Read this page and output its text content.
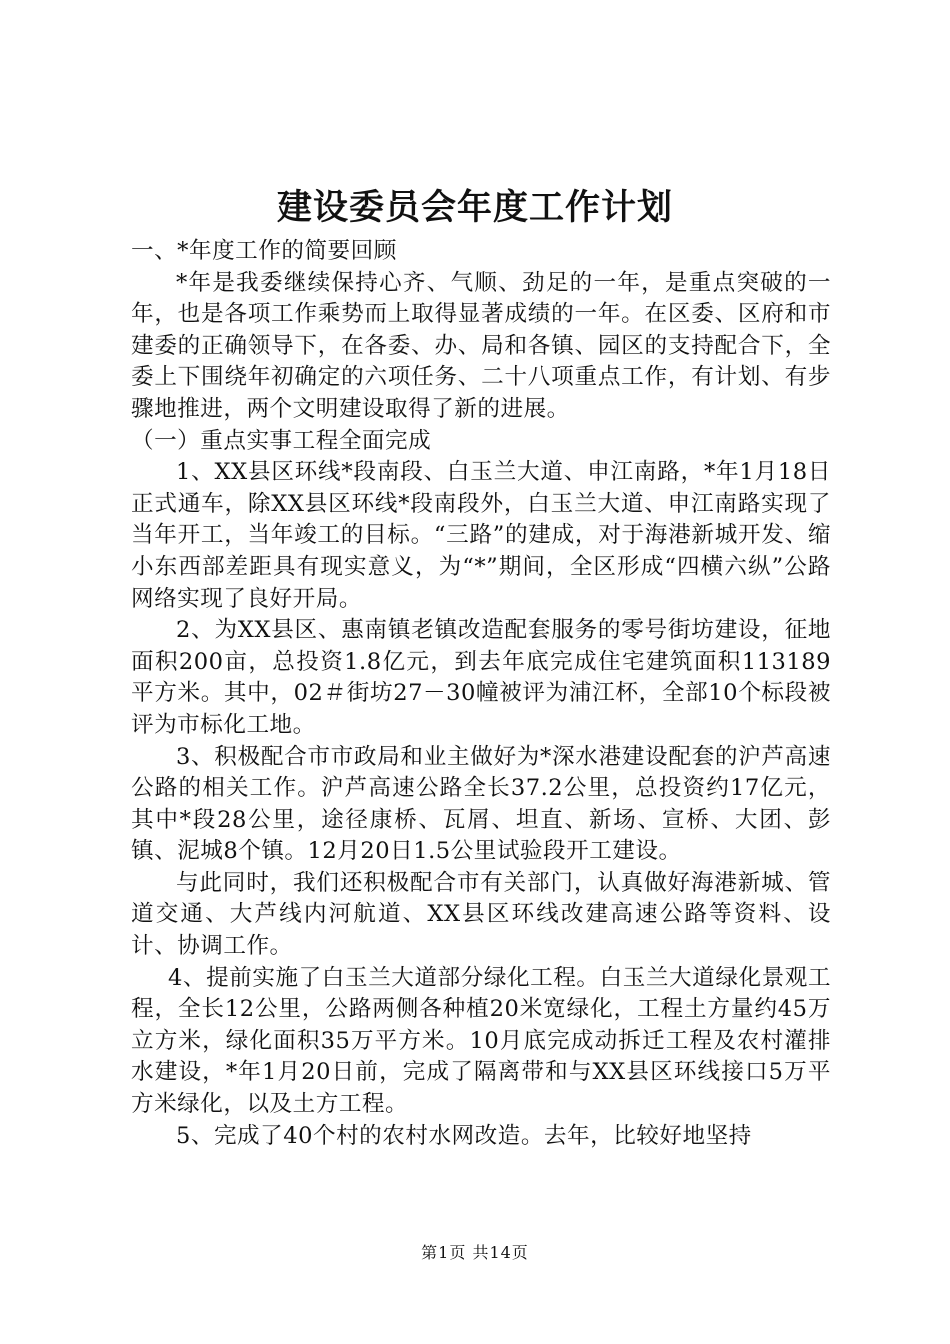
建设委员会年度工作计划

一、*年度工作的简要回顾

*年是我委继续保持心齐、气顺、劲足的一年，是重点突破的一年，也是各项工作乘势而上取得显著成绩的一年。在区委、区府和市建委的正确领导下，在各委、办、局和各镇、园区的支持配合下，全委上下围绕年初确定的六项任务、二十八项重点工作，有计划、有步骤地推进，两个文明建设取得了新的进展。

（一）重点实事工程全面完成

1、XX县区环线*段南段、白玉兰大道、申江南路，*年1月18日正式通车，除XX县区环线*段南段外，白玉兰大道、申江南路实现了当年开工，当年竣工的目标。“三路”的建成，对于海港新城开发、缩小东西部差距具有现实意义，为“*”期间，全区形成“四横六纵”公路网络实现了良好开局。

2、为XX县区、惠南镇老镇改造配套服务的零号街坊建设，征地面积200亩，总投资1.8亿元，到去年底完成住宅建筑面积113189平方米。其中，02＃街坊27－30幢被评为浦江杯，全部10个标段被评为市标化工地。

3、积极配合市市政局和业主做好为*深水港建设配套的沪芦高速公路的相关工作。沪芦高速公路全长37.2公里，总投资约17亿元，其中*段28公里，途径康桥、瓦屑、坦直、新场、宣桥、大团、彭镇、泥城8个镇。12月20日1.5公里试验段开工建设。

与此同时，我们还积极配合市有关部门，认真做好海港新城、管道交通、大芦线内河航道、XX县区环线改建高速公路等资料、设计、协调工作。

4、提前实施了白玉兰大道部分绿化工程。白玉兰大道绿化景观工程，全长12公里，公路两侧各种植20米宽绿化，工程土方量约45万立方米，绿化面积35万平方米。10月底完成动拆迁工程及农村灌排水建设，*年1月20日前，完成了隔离带和与XX县区环线接口5万平方米绿化，以及土方工程。

5、完成了40个村的农村水网改造。去年，比较好地坚持

第1页 共14页
